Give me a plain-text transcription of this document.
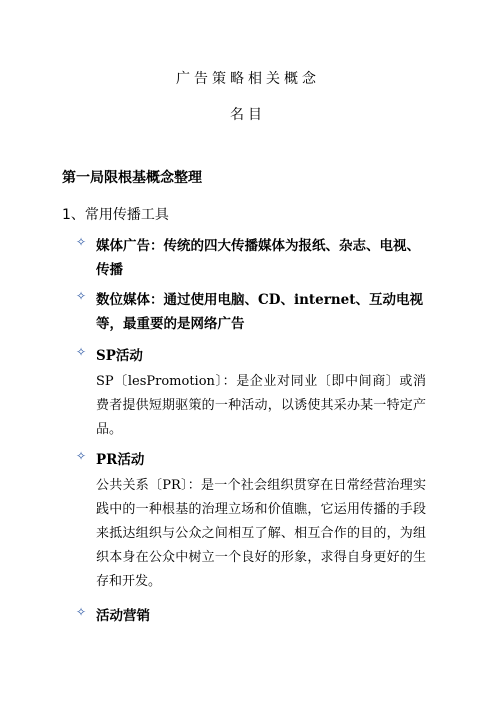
广告策略相关概念
名目
第一局限根基概念整理
1、常用传播工具
✧ 媒体广告：传统的四大传播媒体为报纸、杂志、电视、传播
✧ 数位媒体：通过使用电脑、CD、internet、互动电视等，最重要的是网络广告
✧ SP活动
SP〔lesPromotion〕：是企业对同业〔即中间商〕或消费者提供短期驱策的一种活动，以诱使其采办某一特定产品。
✧ PR活动
公共关系〔PR〕：是一个社会组织贯穿在日常经营治理实践中的一种根基的治理立场和价值瞧，它运用传播的手段来抵达组织与公众之间相互了解、相互合作的目的，为组织本身在公众中树立一个良好的形象，求得自身更好的生存和开发。
✧ 活动营销
